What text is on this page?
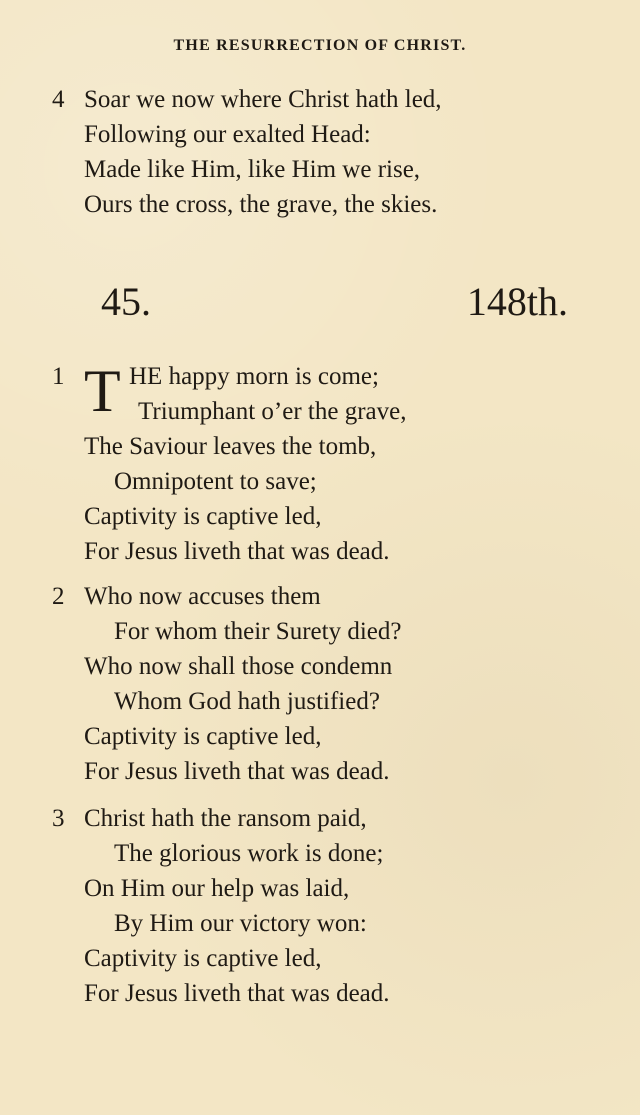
THE RESURRECTION OF CHRIST.
4 Soar we now where Christ hath led,
Following our exalted Head:
Made like Him, like Him we rise,
Ours the cross, the grave, the skies.
45.	148th.
1 T HE happy morn is come;
Triumphant o’er the grave,
The Saviour leaves the tomb,
Omnipotent to save;
Captivity is captive led,
For Jesus liveth that was dead.
2 Who now accuses them
For whom their Surety died?
Who now shall those condemn
Whom God hath justified?
Captivity is captive led,
For Jesus liveth that was dead.
3 Christ hath the ransom paid,
The glorious work is done;
On Him our help was laid,
By Him our victory won:
Captivity is captive led,
For Jesus liveth that was dead.
